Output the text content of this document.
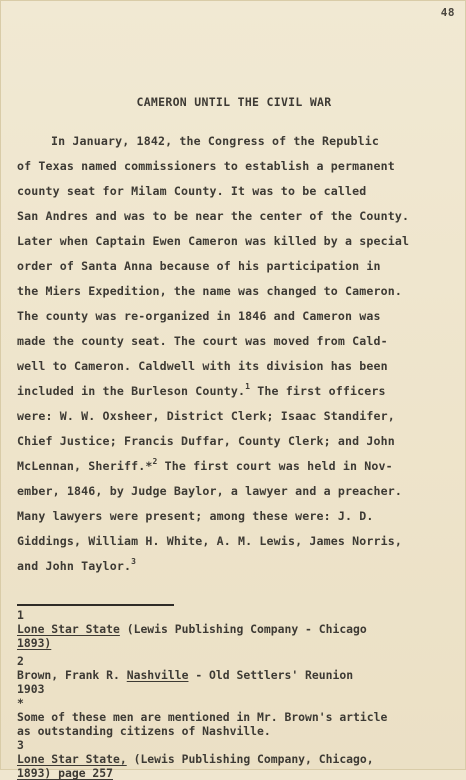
48
CAMERON UNTIL THE CIVIL WAR
In January, 1842, the Congress of the Republic
of Texas named commissioners to establish a permanent
county seat for Milam County. It was to be called
San Andres and was to be near the center of the County.
Later when Captain Ewen Cameron was killed by a special
order of Santa Anna because of his participation in
the Miers Expedition, the name was changed to Cameron.
The county was re-organized in 1846 and Cameron was
made the county seat. The court was moved from Cald-
well to Cameron. Caldwell with its division has been
included in the Burleson County.$^1$ The first officers
were: W. W. Oxsheer, District Clerk; Isaac Standifer,
Chief Justice; Francis Duffar, County Clerk; and John
McLennan, Sheriff.*$^2$ The first court was held in Nov-
ember, 1846, by Judge Baylor, a lawyer and a preacher.
Many lawyers were present; among these were: J. D.
Giddings, William H. White, A. M. Lewis, James Norris,
and John Taylor.$^3$
1
Lone Star State (Lewis Publishing Company - Chicago
1893)
2
Brown, Frank R. Nashville - Old Settlers' Reunion
1903
*
Some of these men are mentioned in Mr. Brown's article
as outstanding citizens of Nashville.
3
Lone Star State, (Lewis Publishing Company, Chicago,
1893) page 257
